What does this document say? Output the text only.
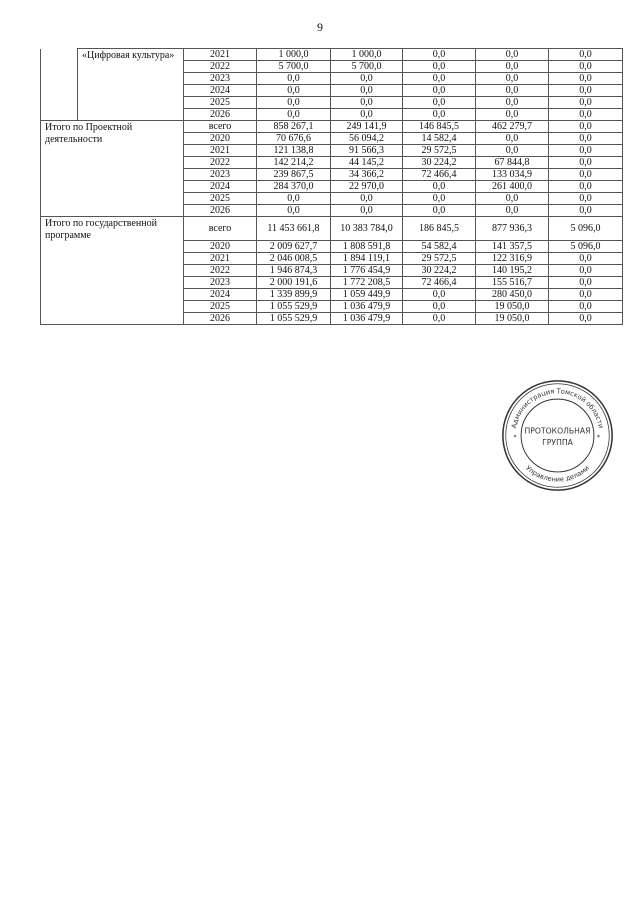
9
	«Цифровая культура»	2021	1 000,0	1 000,0	0,0	0,0	0,0
		2022	5 700,0	5 700,0	0,0	0,0	0,0
		2023	0,0	0,0	0,0	0,0	0,0
		2024	0,0	0,0	0,0	0,0	0,0
		2025	0,0	0,0	0,0	0,0	0,0
		2026	0,0	0,0	0,0	0,0	0,0
Итого по Проектной деятельности		всего	858 267,1	249 141,9	146 845,5	462 279,7	0,0
		2020	70 676,6	56 094,2	14 582,4	0,0	0,0
		2021	121 138,8	91 566,3	29 572,5	0,0	0,0
		2022	142 214,2	44 145,2	30 224,2	67 844,8	0,0
		2023	239 867,5	34 366,2	72 466,4	133 034,9	0,0
		2024	284 370,0	22 970,0	0,0	261 400,0	0,0
		2025	0,0	0,0	0,0	0,0	0,0
		2026	0,0	0,0	0,0	0,0	0,0
Итого по государственной программе		всего	11 453 661,8	10 383 784,0	186 845,5	877 936,3	5 096,0
		2020	2 009 627,7	1 808 591,8	54 582,4	141 357,5	5 096,0
		2021	2 046 008,5	1 894 119,1	29 572,5	122 316,9	0,0
		2022	1 946 874,3	1 776 454,9	30 224,2	140 195,2	0,0
		2023	2 000 191,6	1 772 208,5	72 466,4	155 516,7	0,0
		2024	1 339 899,9	1 059 449,9	0,0	280 450,0	0,0
		2025	1 055 529,9	1 036 479,9	0,0	19 050,0	0,0
		2026	1 055 529,9	1 036 479,9	0,0	19 050,0	0,0
Администрация Томской области
Управление делами
ПРОТОКОЛЬНАЯ
ГРУППА
*	*
